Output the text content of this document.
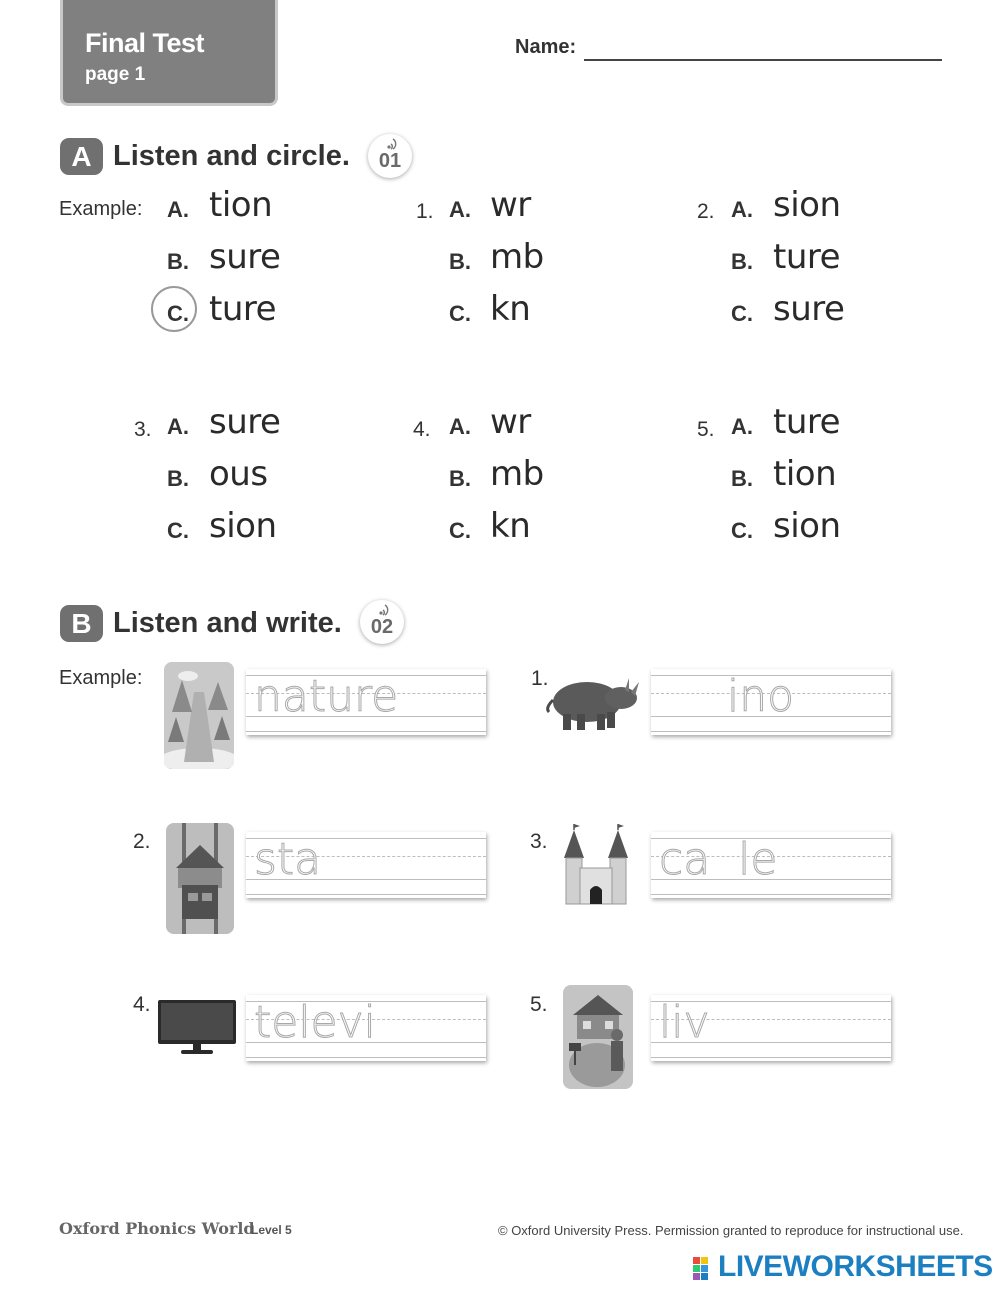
Final Test
page 1
Name:
A Listen and circle.	01
Example: A. tion
B. sure
C. ture
1. A. wr
B. mb
C. kn
2. A. sion
B. ture
C. sure
3. A. sure
B. ous
C. sion
4. A. wr
B. mb
C. kn
5. A. ture
B. tion
C. sion
B Listen and write.	02
Example:	nature	1.	ino
2. sta	3.	ca  le
4. televi	5.	liv
Oxford Phonics World
Level 5	© Oxford University Press. Permission granted to reproduce for instructional use.
LIVEWORKSHEETS
